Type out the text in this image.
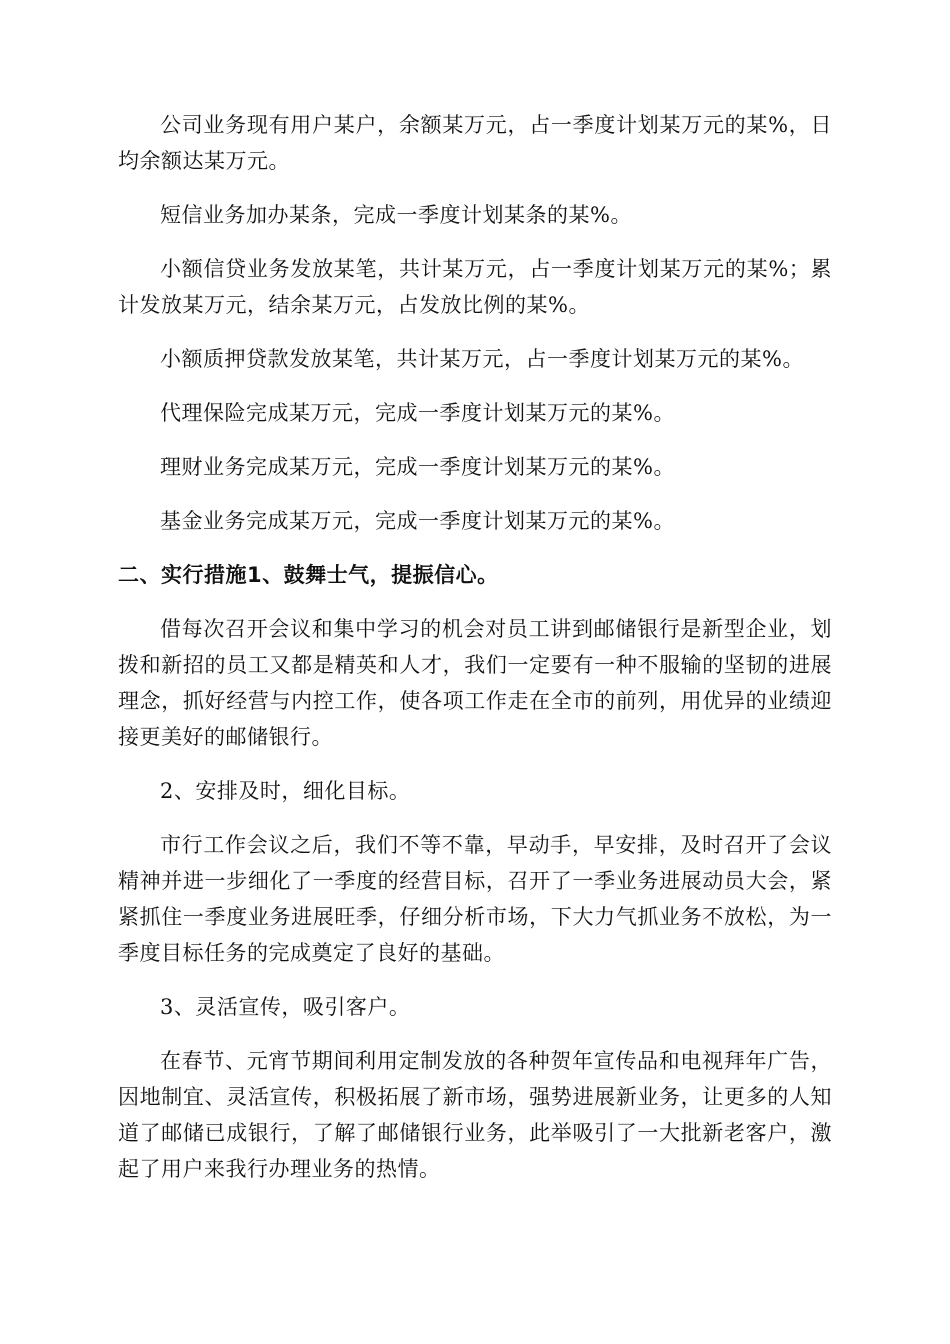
公司业务现有用户某户，余额某万元，占一季度计划某万元的某%，日均余额达某万元。

短信业务加办某条，完成一季度计划某条的某%。

小额信贷业务发放某笔，共计某万元，占一季度计划某万元的某%；累计发放某万元，结余某万元，占发放比例的某%。

小额质押贷款发放某笔，共计某万元，占一季度计划某万元的某%。

代理保险完成某万元，完成一季度计划某万元的某%。

理财业务完成某万元，完成一季度计划某万元的某%。

基金业务完成某万元，完成一季度计划某万元的某%。

二、实行措施1、鼓舞士气，提振信心。

借每次召开会议和集中学习的机会对员工讲到邮储银行是新型企业，划拨和新招的员工又都是精英和人才，我们一定要有一种不服输的坚韧的进展理念，抓好经营与内控工作，使各项工作走在全市的前列，用优异的业绩迎接更美好的邮储银行。

2、安排及时，细化目标。

市行工作会议之后，我们不等不靠，早动手，早安排，及时召开了会议精神并进一步细化了一季度的经营目标，召开了一季业务进展动员大会，紧紧抓住一季度业务进展旺季，仔细分析市场，下大力气抓业务不放松，为一季度目标任务的完成奠定了良好的基础。

3、灵活宣传，吸引客户。

在春节、元宵节期间利用定制发放的各种贺年宣传品和电视拜年广告，因地制宜、灵活宣传，积极拓展了新市场，强势进展新业务，让更多的人知道了邮储已成银行，了解了邮储银行业务，此举吸引了一大批新老客户，激起了用户来我行办理业务的热情。
